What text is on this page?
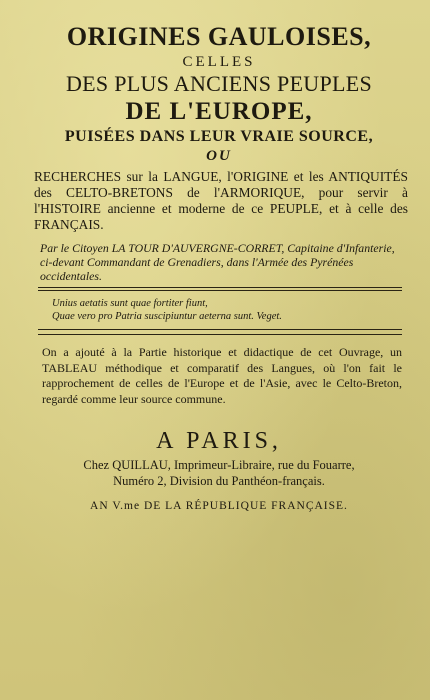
ORIGINES GAULOISES,
CELLES
DES PLUS ANCIENS PEUPLES
DE L'EUROPE,
PUISÉES DANS LEUR VRAIE SOURCE,
OU
RECHERCHES sur la LANGUE, l'ORIGINE et les ANTIQUITÉS des CELTO-BRETONS de l'ARMORIQUE, pour servir à l'HISTOIRE ancienne et moderne de ce PEUPLE, et à celle des FRANÇAIS.
Par le Citoyen LA TOUR D'AUVERGNE-CORRET, Capitaine d'Infanterie, ci-devant Commandant de Grenadiers, dans l'Armée des Pyrénées occidentales.
Unius aetatis sunt quae fortiter fiunt,
Quae vero pro Patria suscipiuntur aeterna sunt. Veget.
On a ajouté à la Partie historique et didactique de cet Ouvrage, un TABLEAU méthodique et comparatif des Langues, où l'on fait le rapprochement de celles de l'Europe et de l'Asie, avec le Celto-Breton, regardé comme leur source commune.
A PARIS,
Chez QUILLAU, Imprimeur-Libraire, rue du Fouarre,
Numéro 2, Division du Panthéon-français.
AN V.me DE LA RÉPUBLIQUE FRANÇAISE.
